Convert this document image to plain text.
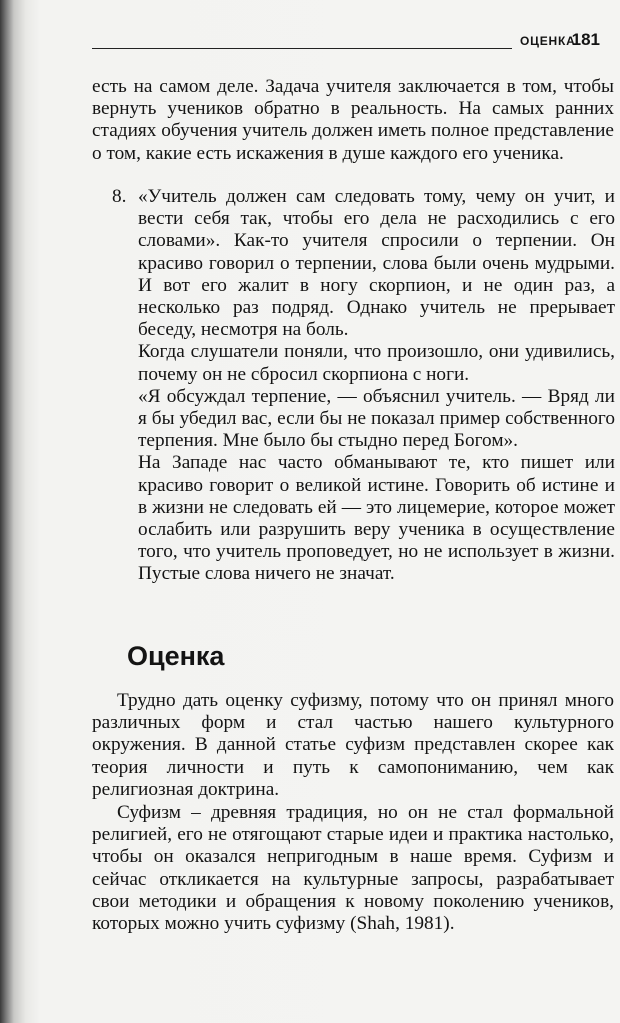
ОЦЕНКА
181

есть на самом деле. Задача учителя заключается в том, чтобы вернуть учеников обратно в реальность. На самых ранних стадиях обучения учитель должен иметь полное представление о том, какие есть искажения в душе каждого его ученика.

8. «Учитель должен сам следовать тому, чему он учит, и вести себя так, чтобы его дела не расходились с его словами». Как-то учителя спросили о терпении. Он красиво говорил о терпении, слова были очень мудрыми. И вот его жалит в ногу скорпион, и не один раз, а несколько раз подряд. Однако учитель не прерывает беседу, несмотря на боль.

Когда слушатели поняли, что произошло, они удивились, почему он не сбросил скорпиона с ноги.

«Я обсуждал терпение, — объяснил учитель. — Вряд ли я бы убедил вас, если бы не показал пример собственного терпения. Мне было бы стыдно перед Богом».

На Западе нас часто обманывают те, кто пишет или красиво говорит о великой истине. Говорить об истине и в жизни не следовать ей — это лицемерие, которое может ослабить или разрушить веру ученика в осуществление того, что учитель проповедует, но не использует в жизни. Пустые слова ничего не значат.

Оценка

Трудно дать оценку суфизму, потому что он принял много различных форм и стал частью нашего культурного окружения. В данной статье суфизм представлен скорее как теория личности и путь к самопониманию, чем как религиозная доктрина.

Суфизм – древняя традиция, но он не стал формальной религией, его не отягощают старые идеи и практика настолько, чтобы он оказался непригодным в наше время. Суфизм и сейчас откликается на культурные запросы, разрабатывает свои методики и обращения к новому поколению учеников, которых можно учить суфизму (Shah, 1981).
